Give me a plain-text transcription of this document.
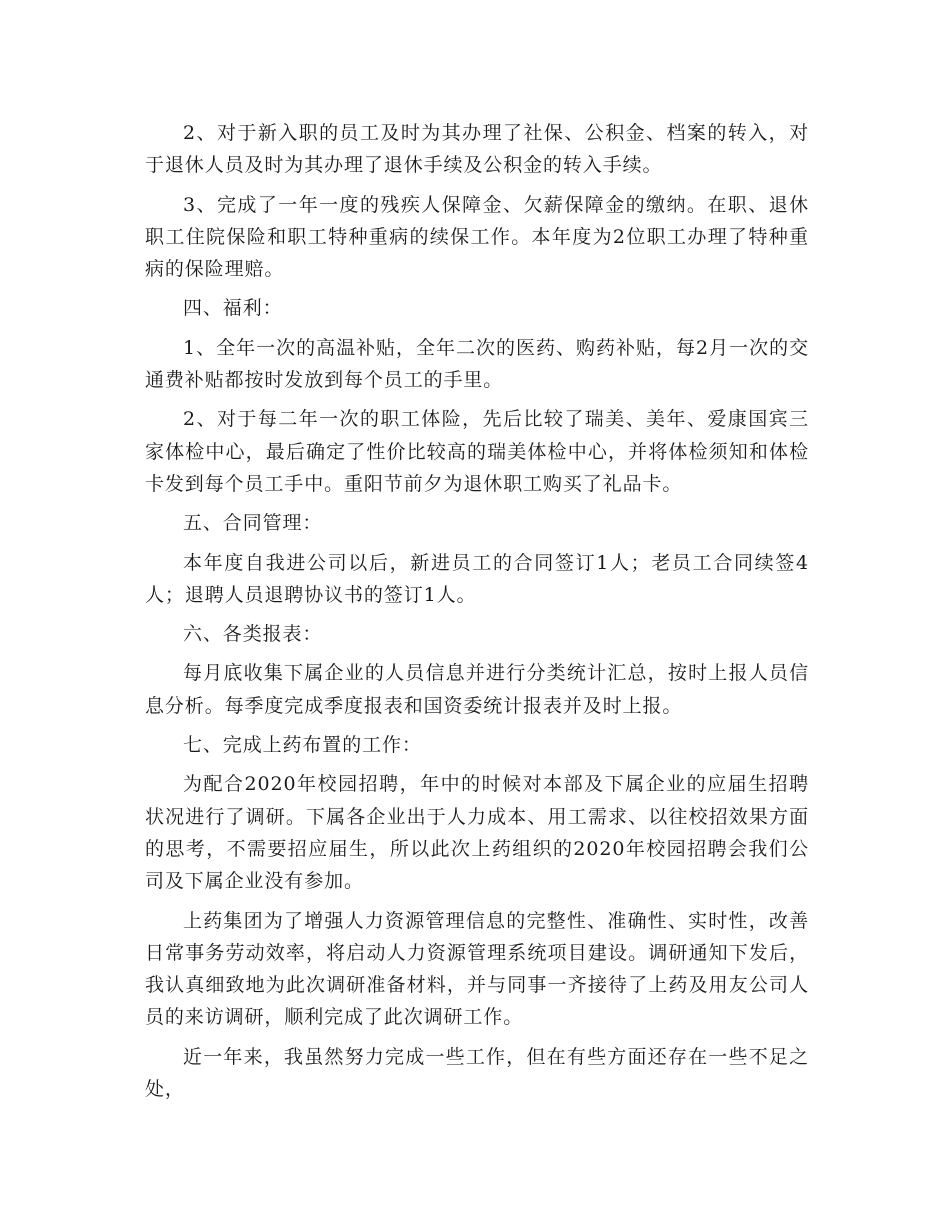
2、对于新入职的员工及时为其办理了社保、公积金、档案的转入，对于退休人员及时为其办理了退休手续及公积金的转入手续。

3、完成了一年一度的残疾人保障金、欠薪保障金的缴纳。在职、退休职工住院保险和职工特种重病的续保工作。本年度为2位职工办理了特种重病的保险理赔。

四、福利：

1、全年一次的高温补贴，全年二次的医药、购药补贴，每2月一次的交通费补贴都按时发放到每个员工的手里。

2、对于每二年一次的职工体险，先后比较了瑞美、美年、爱康国宾三家体检中心，最后确定了性价比较高的瑞美体检中心，并将体检须知和体检卡发到每个员工手中。重阳节前夕为退休职工购买了礼品卡。

五、合同管理：

本年度自我进公司以后，新进员工的合同签订1人；老员工合同续签4人；退聘人员退聘协议书的签订1人。

六、各类报表：

每月底收集下属企业的人员信息并进行分类统计汇总，按时上报人员信息分析。每季度完成季度报表和国资委统计报表并及时上报。

七、完成上药布置的工作：

为配合2020年校园招聘，年中的时候对本部及下属企业的应届生招聘状况进行了调研。下属各企业出于人力成本、用工需求、以往校招效果方面的思考，不需要招应届生，所以此次上药组织的2020年校园招聘会我们公司及下属企业没有参加。

上药集团为了增强人力资源管理信息的完整性、准确性、实时性，改善日常事务劳动效率，将启动人力资源管理系统项目建设。调研通知下发后，我认真细致地为此次调研准备材料，并与同事一齐接待了上药及用友公司人员的来访调研，顺利完成了此次调研工作。

近一年来，我虽然努力完成一些工作，但在有些方面还存在一些不足之处，
